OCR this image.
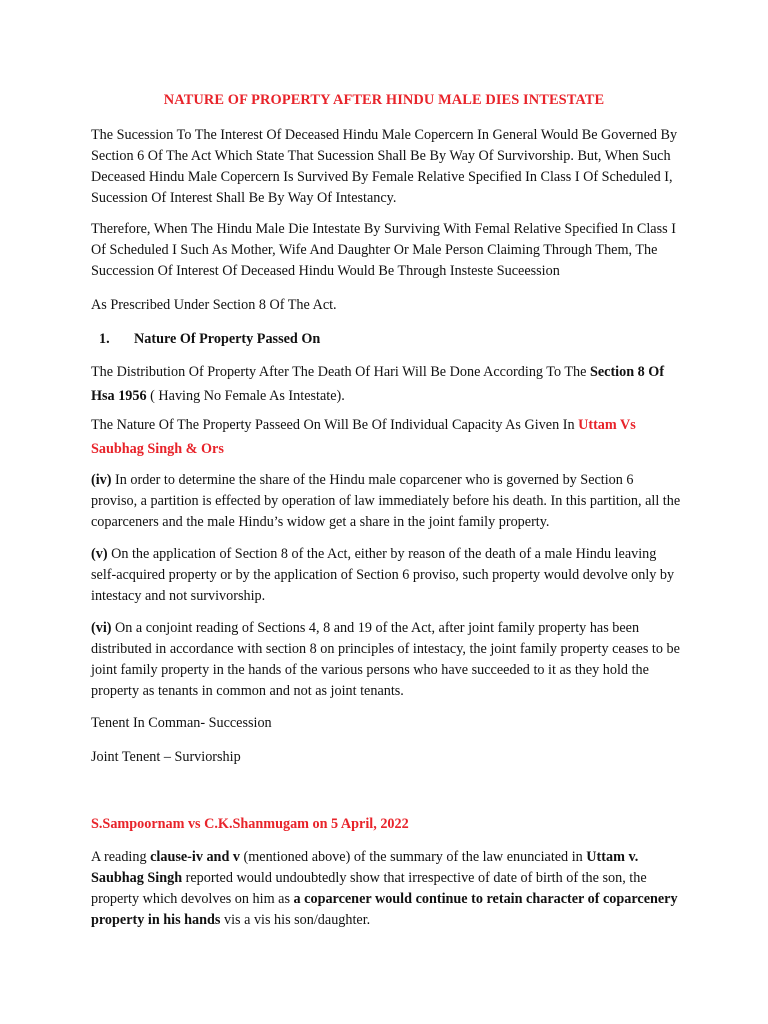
NATURE OF PROPERTY AFTER HINDU MALE DIES INTESTATE
The Sucession To The Interest Of Deceased Hindu Male Copercern In General Would Be Governed By Section 6 Of The Act Which State That Sucession Shall Be By Way Of Survivorship. But, When Such Deceased Hindu Male Copercern Is Survived By Female Relative Specified In Class I Of Scheduled I, Sucession Of Interest Shall Be By Way Of Intestancy.
Therefore, When The Hindu Male Die Intestate By Surviving With Femal Relative Specified In Class I Of Scheduled I Such As Mother, Wife And Daughter Or Male Person Claiming Through Them, The Succession Of Interest Of Deceased Hindu Would Be Through Insteste Suceession
As Prescribed Under Section 8 Of The Act.
1. Nature Of Property Passed On
The Distribution Of Property After The Death Of Hari Will Be Done According To The Section 8 Of Hsa 1956 ( Having No Female As Intestate).
The Nature Of The Property Passeed On Will Be Of Individual Capacity As Given In Uttam Vs Saubhag Singh & Ors
(iv) In order to determine the share of the Hindu male coparcener who is governed by Section 6 proviso, a partition is effected by operation of law immediately before his death. In this partition, all the coparceners and the male Hindu’s widow get a share in the joint family property.
(v) On the application of Section 8 of the Act, either by reason of the death of a male Hindu leaving self-acquired property or by the application of Section 6 proviso, such property would devolve only by intestacy and not survivorship.
(vi) On a conjoint reading of Sections 4, 8 and 19 of the Act, after joint family property has been distributed in accordance with section 8 on principles of intestacy, the joint family property ceases to be joint family property in the hands of the various persons who have succeeded to it as they hold the property as tenants in common and not as joint tenants.
Tenent In Comman- Succession
Joint Tenent – Surviorship
S.Sampoornam vs C.K.Shanmugam on 5 April, 2022
A reading clause-iv and v (mentioned above) of the summary of the law enunciated in Uttam v. Saubhag Singh reported would undoubtedly show that irrespective of date of birth of the son, the property which devolves on him as a coparcener would continue to retain character of coparcenery property in his hands vis a vis his son/daughter.
